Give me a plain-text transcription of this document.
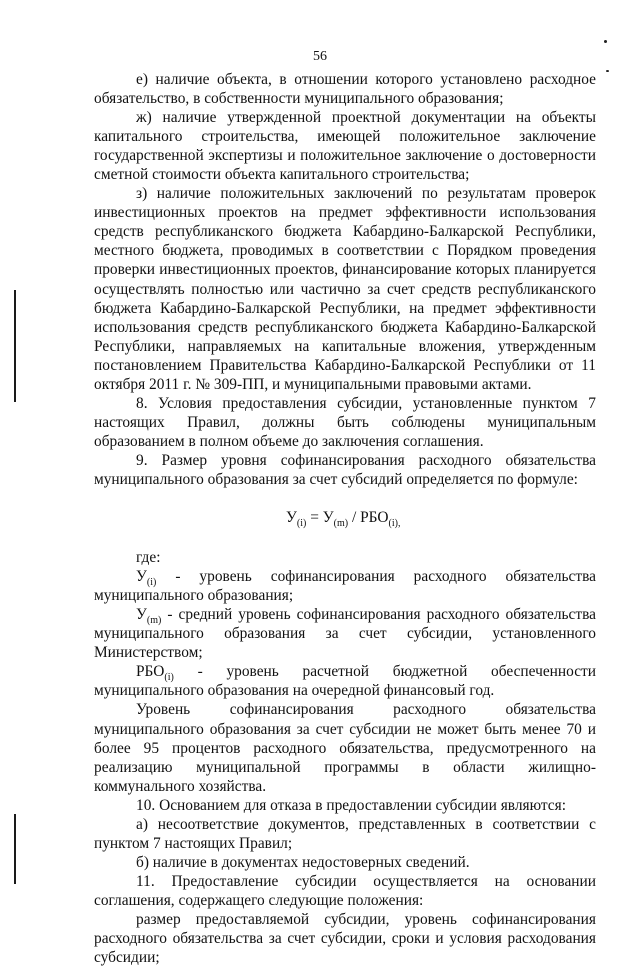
56

е) наличие объекта, в отношении которого установлено расходное обязательство, в собственности муниципального образования;

ж) наличие утвержденной проектной документации на объекты капитального строительства, имеющей положительное заключение государственной экспертизы и положительное заключение о достоверности сметной стоимости объекта капитального строительства;

з) наличие положительных заключений по результатам проверок инвестиционных проектов на предмет эффективности использования средств республиканского бюджета Кабардино-Балкарской Республики, местного бюджета, проводимых в соответствии с Порядком проведения проверки инвестиционных проектов, финансирование которых планируется осуществлять полностью или частично за счет средств республиканского бюджета Кабардино-Балкарской Республики, на предмет эффективности использования средств республиканского бюджета Кабардино-Балкарской Республики, направляемых на капитальные вложения, утвержденным постановлением Правительства Кабардино-Балкарской Республики от 11 октября 2011 г. № 309-ПП, и муниципальными правовыми актами.

8. Условия предоставления субсидии, установленные пунктом 7 настоящих Правил, должны быть соблюдены муниципальным образованием в полном объеме до заключения соглашения.

9. Размер уровня софинансирования расходного обязательства муниципального образования за счет субсидий определяется по формуле:

$У_{(i)} = У_{(m)} / РБО_{(i),}$

где:

$У_{(i)}$ - уровень софинансирования расходного обязательства муниципального образования;

$У_{(m)}$ - средний уровень софинансирования расходного обязательства муниципального образования за счет субсидии, установленного Министерством;

$РБО_{(i)}$ - уровень расчетной бюджетной обеспеченности муниципального образования на очередной финансовый год.

Уровень софинансирования расходного обязательства муниципального образования за счет субсидии не может быть менее 70 и более 95 процентов расходного обязательства, предусмотренного на реализацию муниципальной программы в области жилищно-коммунального хозяйства.

10. Основанием для отказа в предоставлении субсидии являются:

а) несоответствие документов, представленных в соответствии с пунктом 7 настоящих Правил;

б) наличие в документах недостоверных сведений.

11. Предоставление субсидии осуществляется на основании соглашения, содержащего следующие положения:

размер предоставляемой субсидии, уровень софинансирования расходного обязательства за счет субсидии, сроки и условия расходования субсидии;
